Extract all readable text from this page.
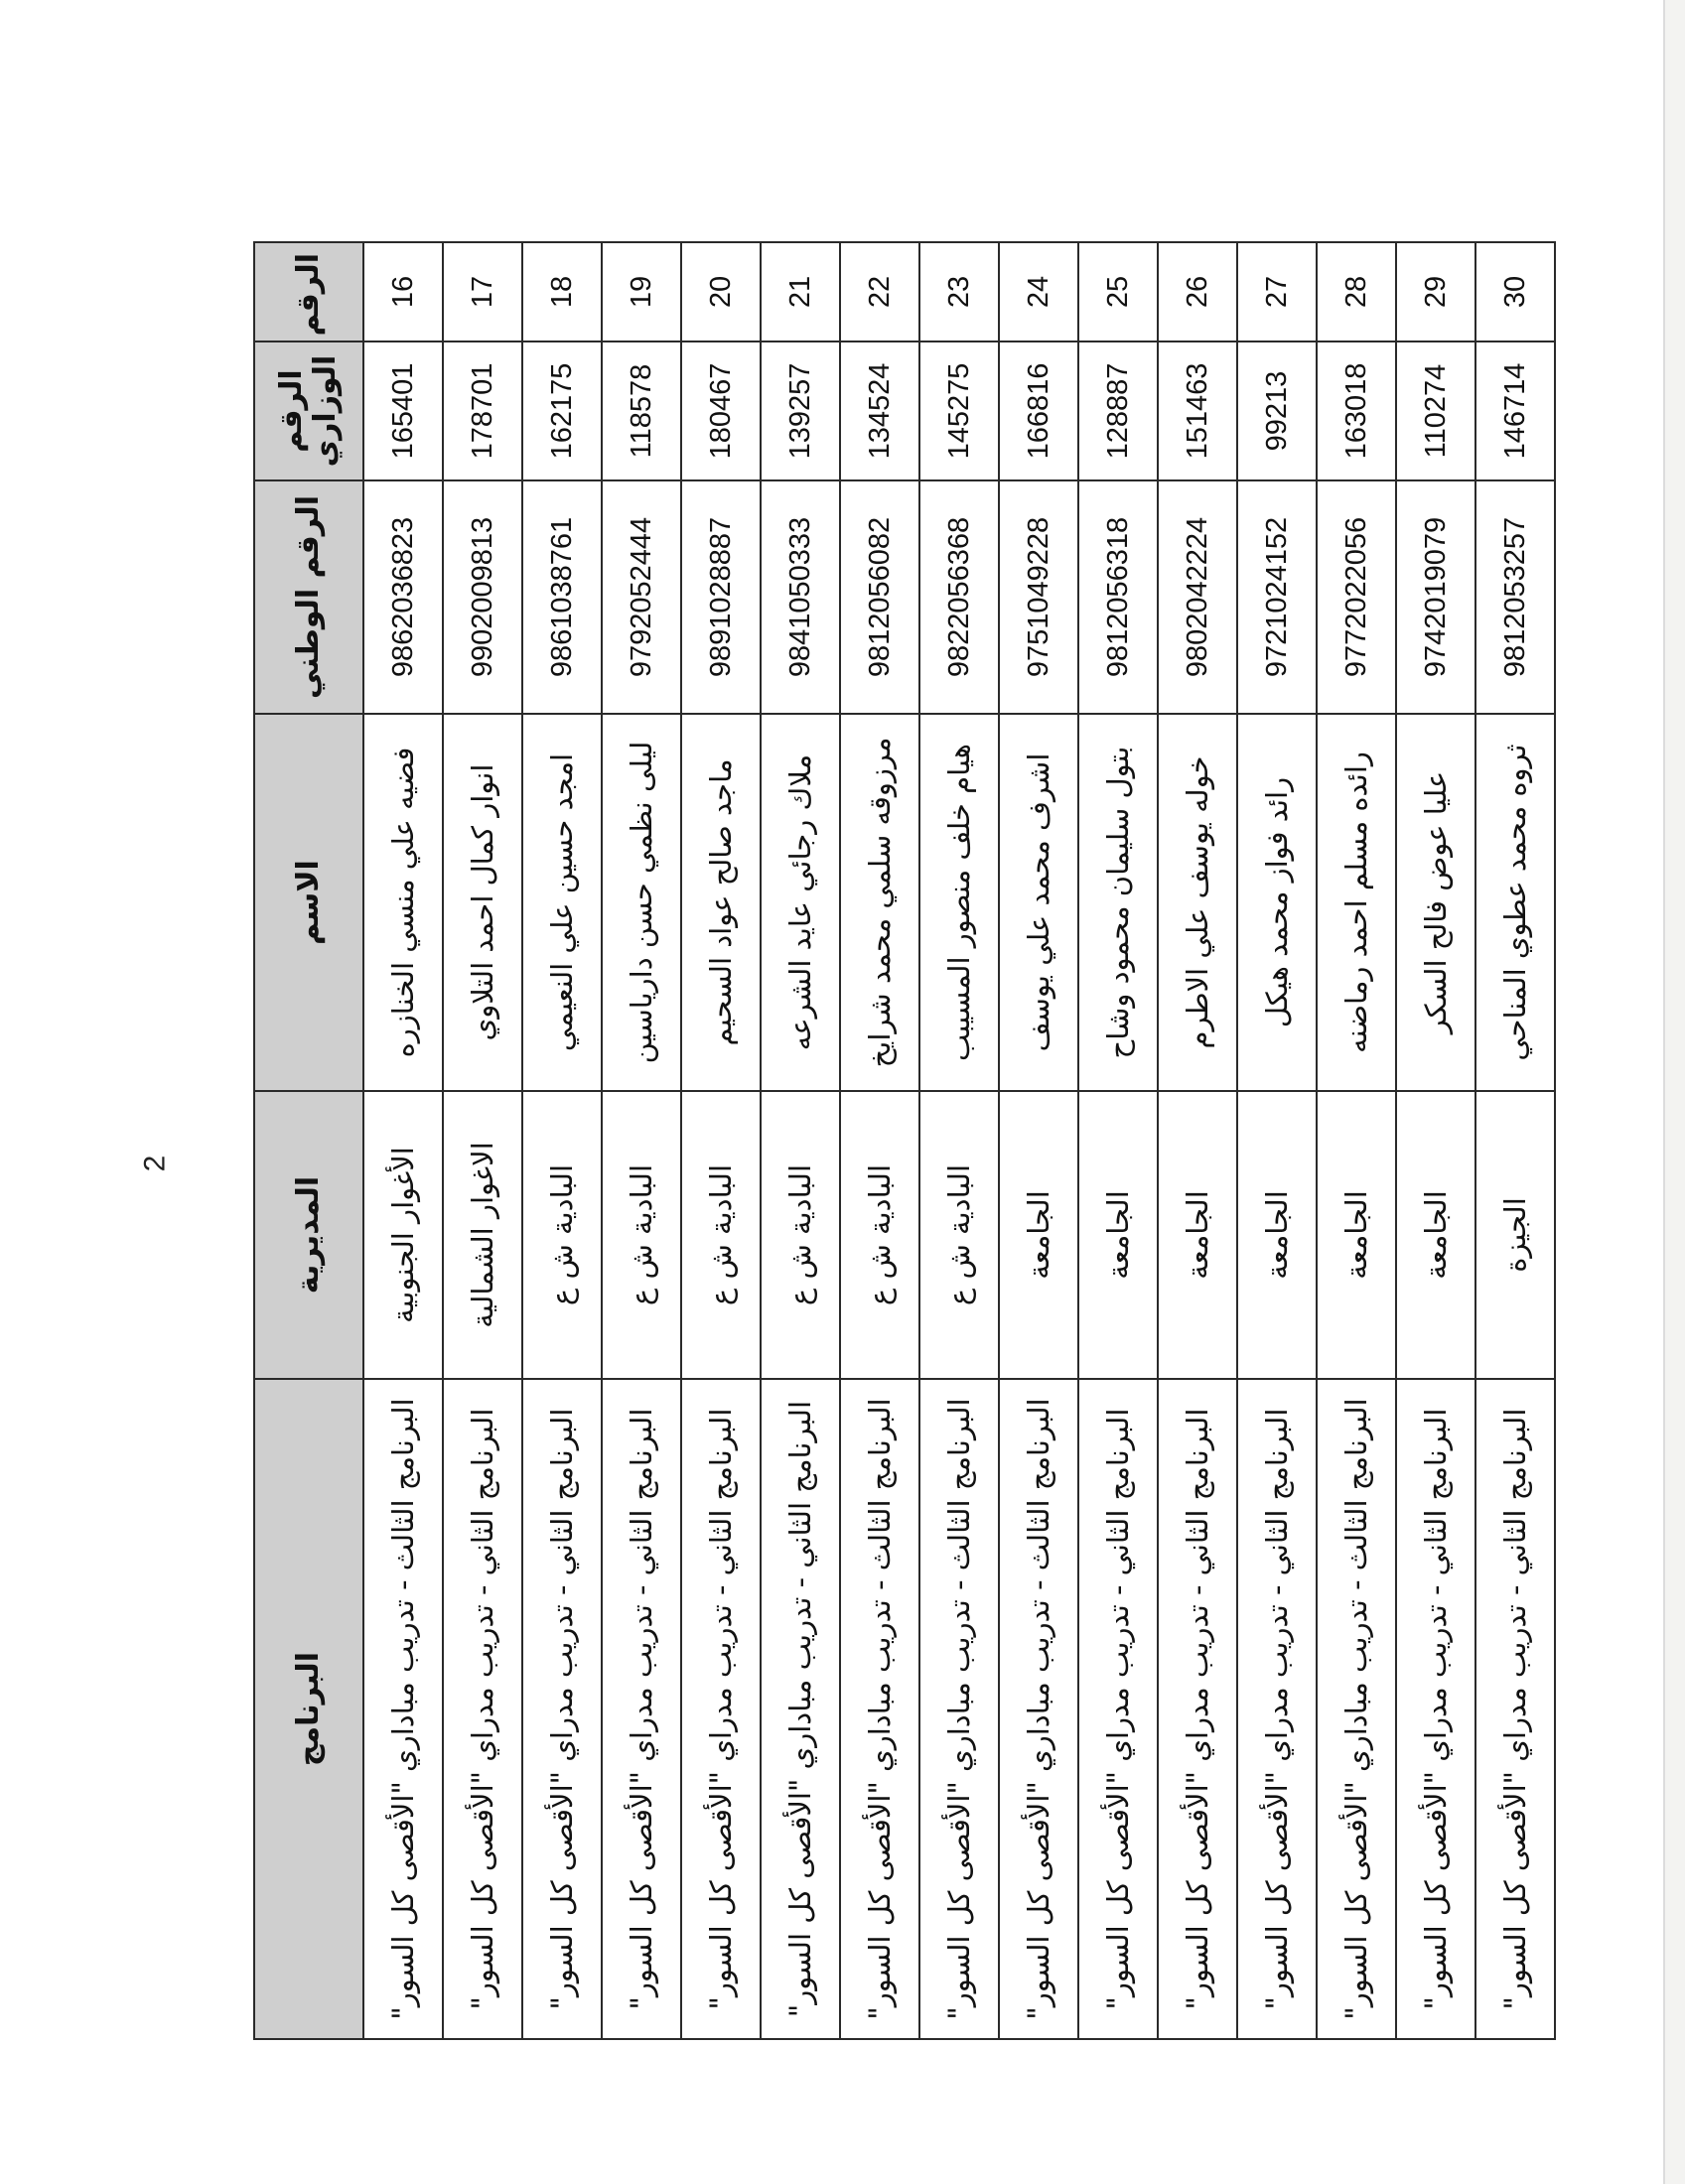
الرقم	الرقم الوزاري	الرقم الوطني	الاسم	المديرية	البرنامج
16	165401	9862036823	فضيه علي منسي الخنازره	الأغوار الجنوبية	البرنامج الثالث - تدريب مباداري "الأقصى كل السور"
17	178701	9902009813	انوار كمال احمد التلاوي	الاغوار الشمالية	البرنامج الثاني - تدريب مدراي "الأقصى كل السور"
18	162175	9861038761	امجد حسين علي النعيمي	البادية ش ع	البرنامج الثاني - تدريب مدراي "الأقصى كل السور"
19	118578	9792052444	ليلى نظمي حسن دارياسين	البادية ش ع	البرنامج الثاني - تدريب مدراي "الأقصى كل السور"
20	180467	9891028887	ماجد صالح عواد السحيم	البادية ش ع	البرنامج الثاني - تدريب مدراي "الأقصى كل السور"
21	139257	9841050333	ملاك رجائي عايد الشرعه	البادية ش ع	البرنامج الثاني - تدريب مباداري "الأقصى كل السور"
22	134524	9812056082	مرزوقه سلمي محمد شرايخ	البادية ش ع	البرنامج الثالث - تدريب مباداري "الأقصى كل السور"
23	145275	9822056368	هيام خلف منصور المسيبب	البادية ش ع	البرنامج الثالث - تدريب مباداري "الأقصى كل السور"
24	166816	9751049228	اشرف محمد علي يوسف	الجامعة	البرنامج الثالث - تدريب مباداري "الأقصى كل السور"
25	128887	9812056318	بتول سليمان محمود وشاح	الجامعة	البرنامج الثاني - تدريب مدراي "الأقصى كل السور"
26	151463	9802042224	خوله يوسف علي الاطرم	الجامعة	البرنامج الثاني - تدريب مدراي "الأقصى كل السور"
27	99213	9721024152	رائد فواز محمد هيكل	الجامعة	البرنامج الثاني - تدريب مدراي "الأقصى كل السور"
28	163018	9772022056	رائده مسلم احمد رماضنه	الجامعة	البرنامج الثالث - تدريب مباداري "الأقصى كل السور"
29	110274	9742019079	عليا عوض فالح السكر	الجامعة	البرنامج الثاني - تدريب مدراي "الأقصى كل السور"
30	146714	9812053257	ثروه محمد عطوي المناحي	الجيزة	البرنامج الثاني - تدريب مدراي "الأقصى كل السور"
2
